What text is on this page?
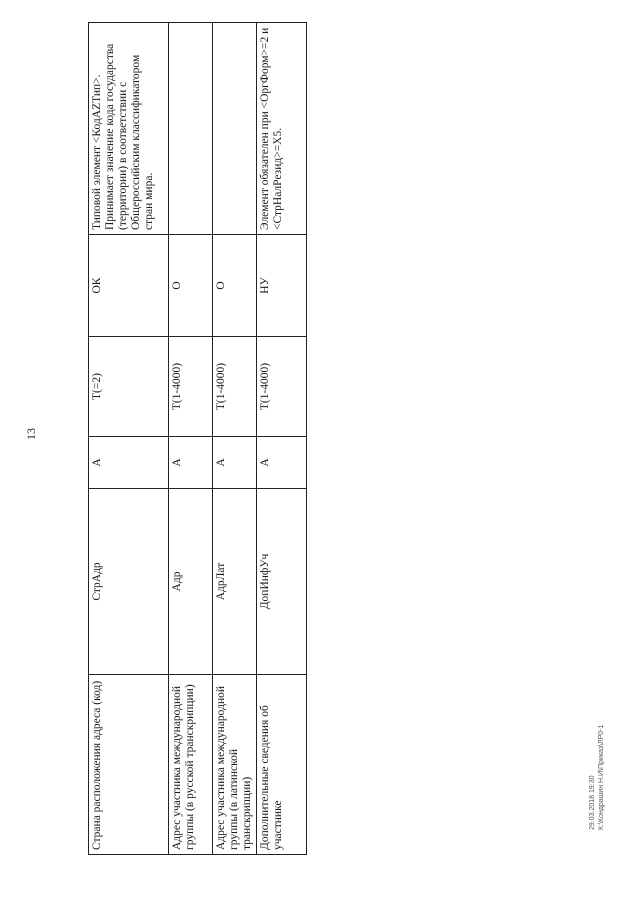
13
Страна расположения адреса (код)	СтрАдр	А	Т(=2)	ОК	Типовой элемент <КодАZТип>. Принимает значение кода государства (территории) в соответствии с Общероссийским классификатором стран мира.
Адрес участника международной группы (в русской транскрипции)	Адр	А	Т(1-4000)	О	
Адрес участника международной группы (в латинской транскрипции)	АдрЛат	А	Т(1-4000)	О	
Дополнительные сведения об участнике	ДопИнфУч	А	Т(1-4000)	НУ	Элемент обязателен при <ОргФорм>=2 и <СтрНалРезид>=Х5.
29.03.2018 19:30 К:\Кондрашин Н.И\Приказ\ЛР0-1
